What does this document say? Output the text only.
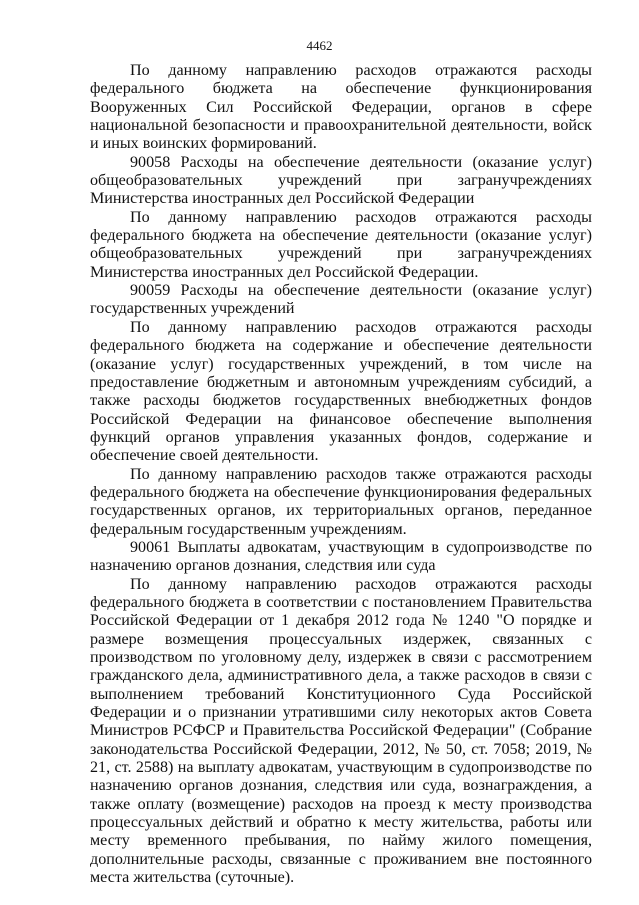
4462

По данному направлению расходов отражаются расходы федерального бюджета на обеспечение функционирования Вооруженных Сил Российской Федерации, органов в сфере национальной безопасности и правоохранительной деятельности, войск и иных воинских формирований.

90058 Расходы на обеспечение деятельности (оказание услуг) общеобразовательных учреждений при загранучреждениях Министерства иностранных дел Российской Федерации

По данному направлению расходов отражаются расходы федерального бюджета на обеспечение деятельности (оказание услуг) общеобразовательных учреждений при загранучреждениях Министерства иностранных дел Российской Федерации.

90059 Расходы на обеспечение деятельности (оказание услуг) государственных учреждений

По данному направлению расходов отражаются расходы федерального бюджета на содержание и обеспечение деятельности (оказание услуг) государственных учреждений, в том числе на предоставление бюджетным и автономным учреждениям субсидий, а также расходы бюджетов государственных внебюджетных фондов Российской Федерации на финансовое обеспечение выполнения функций органов управления указанных фондов, содержание и обеспечение своей деятельности.

По данному направлению расходов также отражаются расходы федерального бюджета на обеспечение функционирования федеральных государственных органов, их территориальных органов, переданное федеральным государственным учреждениям.

90061 Выплаты адвокатам, участвующим в судопроизводстве по назначению органов дознания, следствия или суда

По данному направлению расходов отражаются расходы федерального бюджета в соответствии с постановлением Правительства Российской Федерации от 1 декабря 2012 года № 1240 "О порядке и размере возмещения процессуальных издержек, связанных с производством по уголовному делу, издержек в связи с рассмотрением гражданского дела, административного дела, а также расходов в связи с выполнением требований Конституционного Суда Российской Федерации и о признании утратившими силу некоторых актов Совета Министров РСФСР и Правительства Российской Федерации" (Собрание законодательства Российской Федерации, 2012, № 50, ст. 7058; 2019, № 21, ст. 2588) на выплату адвокатам, участвующим в судопроизводстве по назначению органов дознания, следствия или суда, вознаграждения, а также оплату (возмещение) расходов на проезд к месту производства процессуальных действий и обратно к месту жительства, работы или месту временного пребывания, по найму жилого помещения, дополнительные расходы, связанные с проживанием вне постоянного места жительства (суточные).
